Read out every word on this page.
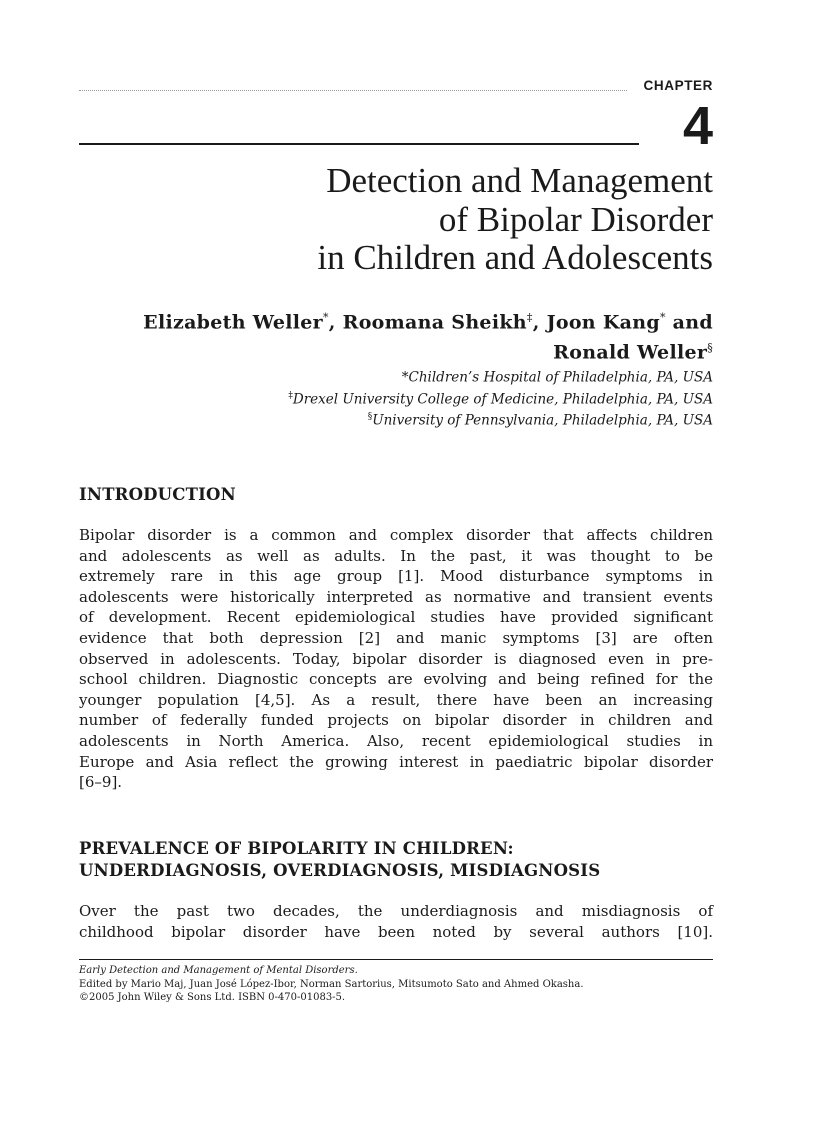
CHAPTER
4
Detection and Management
of Bipolar Disorder
in Children and Adolescents
Elizabeth Weller*, Roomana Sheikh‡, Joon Kang* and
Ronald Weller§
*Children’s Hospital of Philadelphia, PA, USA
‡Drexel University College of Medicine, Philadelphia, PA, USA
§University of Pennsylvania, Philadelphia, PA, USA
INTRODUCTION
Bipolar disorder is a common and complex disorder that affects children
and adolescents as well as adults. In the past, it was thought to be
extremely rare in this age group [1]. Mood disturbance symptoms in
adolescents were historically interpreted as normative and transient events
of development. Recent epidemiological studies have provided significant
evidence that both depression [2] and manic symptoms [3] are often
observed in adolescents. Today, bipolar disorder is diagnosed even in pre-
school children. Diagnostic concepts are evolving and being refined for the
younger population [4,5]. As a result, there have been an increasing
number of federally funded projects on bipolar disorder in children and
adolescents in North America. Also, recent epidemiological studies in
Europe and Asia reflect the growing interest in paediatric bipolar disorder
[6–9].
PREVALENCE OF BIPOLARITY IN CHILDREN:
UNDERDIAGNOSIS, OVERDIAGNOSIS, MISDIAGNOSIS
Over the past two decades, the underdiagnosis and misdiagnosis of
childhood bipolar disorder have been noted by several authors [10].
Early Detection and Management of Mental Disorders.
Edited by Mario Maj, Juan José López-Ibor, Norman Sartorius, Mitsumoto Sato and Ahmed Okasha.
©2005 John Wiley & Sons Ltd. ISBN 0-470-01083-5.
